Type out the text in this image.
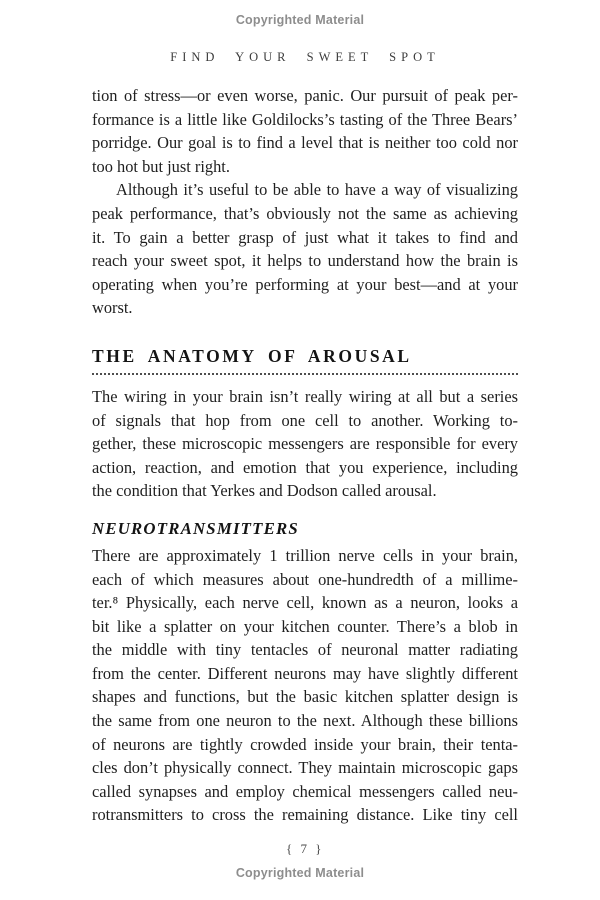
Copyrighted Material
FIND YOUR SWEET SPOT

tion of stress—or even worse, panic. Our pursuit of peak per-
formance is a little like Goldilocks’s tasting of the Three Bears’
porridge. Our goal is to find a level that is neither too cold nor
too hot but just right.

Although it’s useful to be able to have a way of visualizing
peak performance, that’s obviously not the same as achieving
it. To gain a better grasp of just what it takes to find and
reach your sweet spot, it helps to understand how the brain is
operating when you’re performing at your best—and at your
worst.

THE ANATOMY OF AROUSAL

The wiring in your brain isn’t really wiring at all but a series
of signals that hop from one cell to another. Working to-
gether, these microscopic messengers are responsible for every
action, reaction, and emotion that you experience, including
the condition that Yerkes and Dodson called arousal.

NEUROTRANSMITTERS

There are approximately 1 trillion nerve cells in your brain,
each of which measures about one-hundredth of a millime-
ter.⁸ Physically, each nerve cell, known as a neuron, looks a
bit like a splatter on your kitchen counter. There’s a blob in
the middle with tiny tentacles of neuronal matter radiating
from the center. Different neurons may have slightly different
shapes and functions, but the basic kitchen splatter design is
the same from one neuron to the next. Although these billions
of neurons are tightly crowded inside your brain, their tenta-
cles don’t physically connect. They maintain microscopic gaps
called synapses and employ chemical messengers called neu-
rotransmitters to cross the remaining distance. Like tiny cell

{ 7 }
Copyrighted Material
